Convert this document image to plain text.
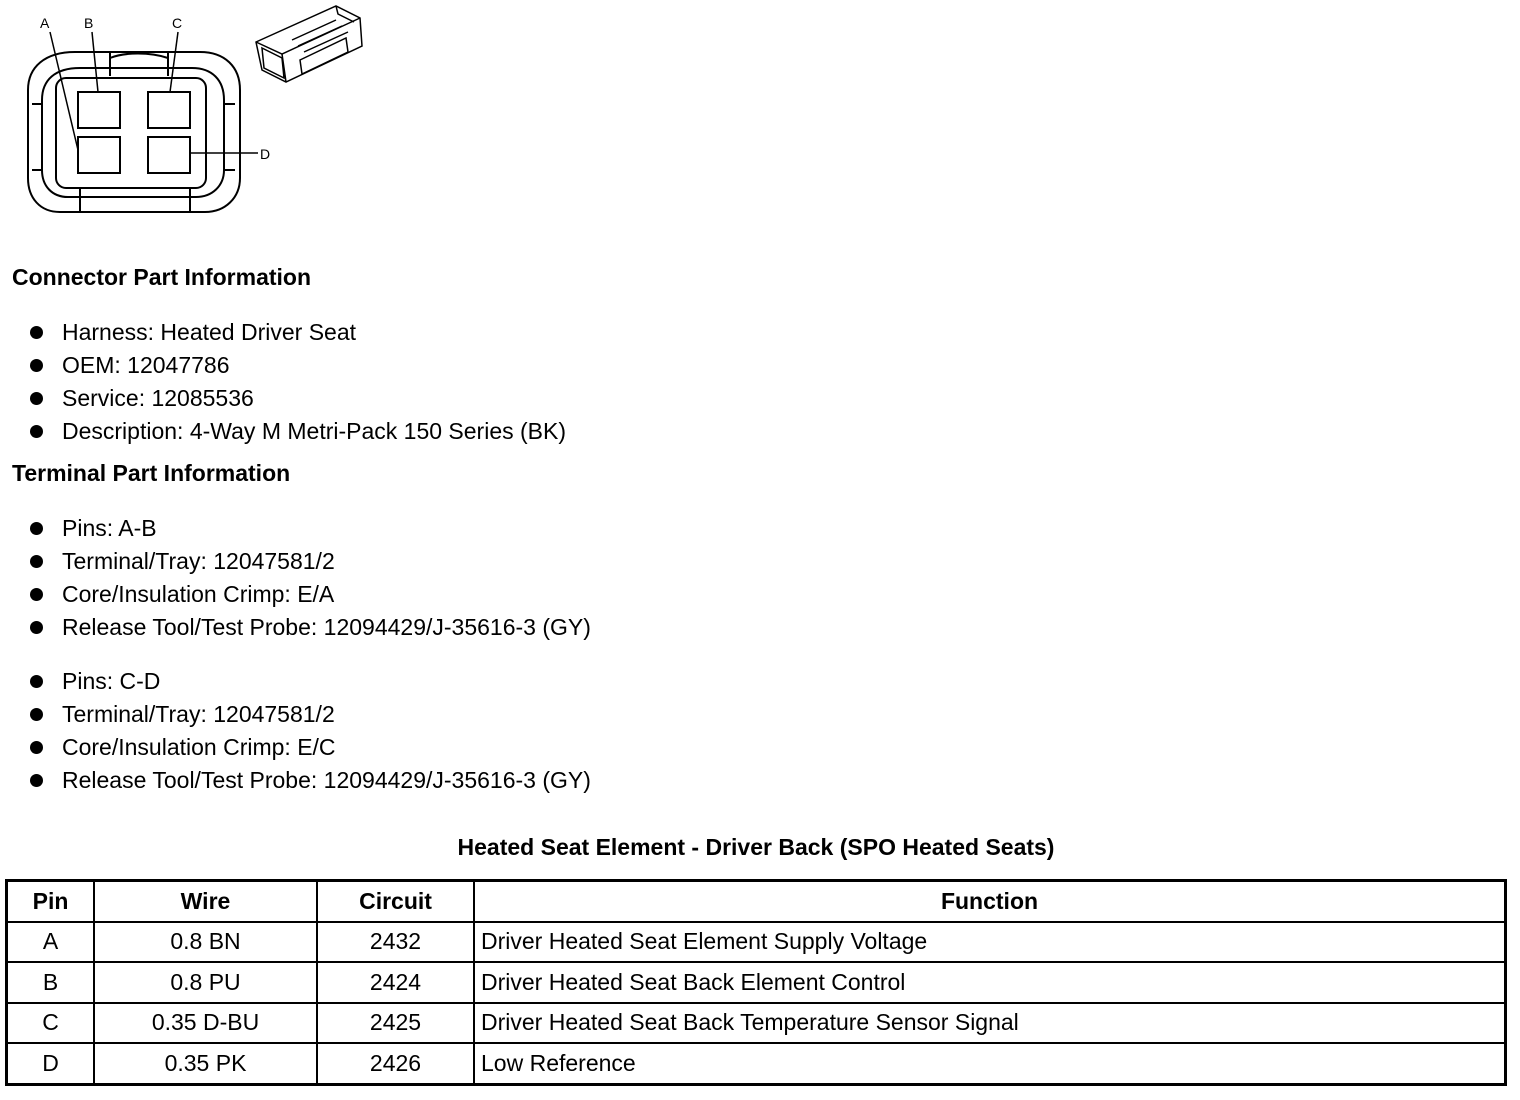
A B	C
D
Connector Part Information
Harness: Heated Driver Seat
OEM: 12047786
Service: 12085536
Description: 4-Way M Metri-Pack 150 Series (BK)
Terminal Part Information
Pins: A-B
Terminal/Tray: 12047581/2
Core/Insulation Crimp: E/A
Release Tool/Test Probe: 12094429/J-35616-3 (GY)
Pins: C-D
Terminal/Tray: 12047581/2
Core/Insulation Crimp: E/C
Release Tool/Test Probe: 12094429/J-35616-3 (GY)
Heated Seat Element - Driver Back (SPO Heated Seats)
Pin	Wire	Circuit	Function
A	0.8 BN	2432	Driver Heated Seat Element Supply Voltage
B	0.8 PU	2424	Driver Heated Seat Back Element Control
C	0.35 D-BU	2425	Driver Heated Seat Back Temperature Sensor Signal
D	0.35 PK	2426	Low Reference
